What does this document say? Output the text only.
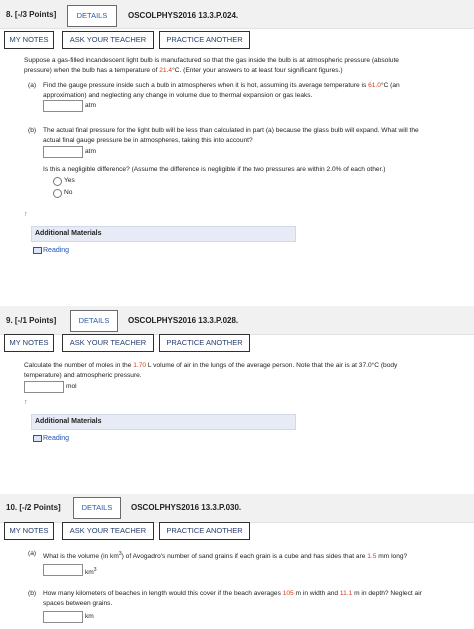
8. [-/3 Points]	DETAILS	OSCOLPHYS2016 13.3.P.024.
MY NOTES	ASK YOUR TEACHER	PRACTICE ANOTHER
Suppose a gas-filled incandescent light bulb is manufactured so that the gas inside the bulb is at atmospheric pressure (absolute
pressure) when the bulb has a temperature of 21.4°C. (Enter your answers to at least four significant figures.)
(a) Find the gauge pressure inside such a bulb in atmospheres when it is hot, assuming its average temperature is 61.0°C (an
approximation) and neglecting any change in volume due to thermal expansion or gas leaks.
atm
(b) The actual final pressure for the light bulb will be less than calculated in part (a) because the glass bulb will expand. What will the
actual final gauge pressure be in atmospheres, taking this into account?
atm
Is this a negligible difference? (Assume the difference is negligible if the two pressures are within 2.0% of each other.)
Yes
No
↑
Additional Materials
Reading
9. [-/1 Points]	DETAILS	OSCOLPHYS2016 13.3.P.028.
MY NOTES	ASK YOUR TEACHER	PRACTICE ANOTHER
Calculate the number of moles in the 1.70 L volume of air in the lungs of the average person. Note that the air is at 37.0°C (body
temperature) and atmospheric pressure.
mol
↑
Additional Materials
Reading
10. [-/2 Points]	DETAILS	OSCOLPHYS2016 13.3.P.030.
MY NOTES	ASK YOUR TEACHER	PRACTICE ANOTHER
(a) What is the volume (in $km^3$) of Avogadro's number of sand grains if each grain is a cube and has sides that are 1.5 mm long?
$km^3$
(b) How many kilometers of beaches in length would this cover if the beach averages 105 m in width and 11.1 m in depth? Neglect air
spaces between grains.
km
